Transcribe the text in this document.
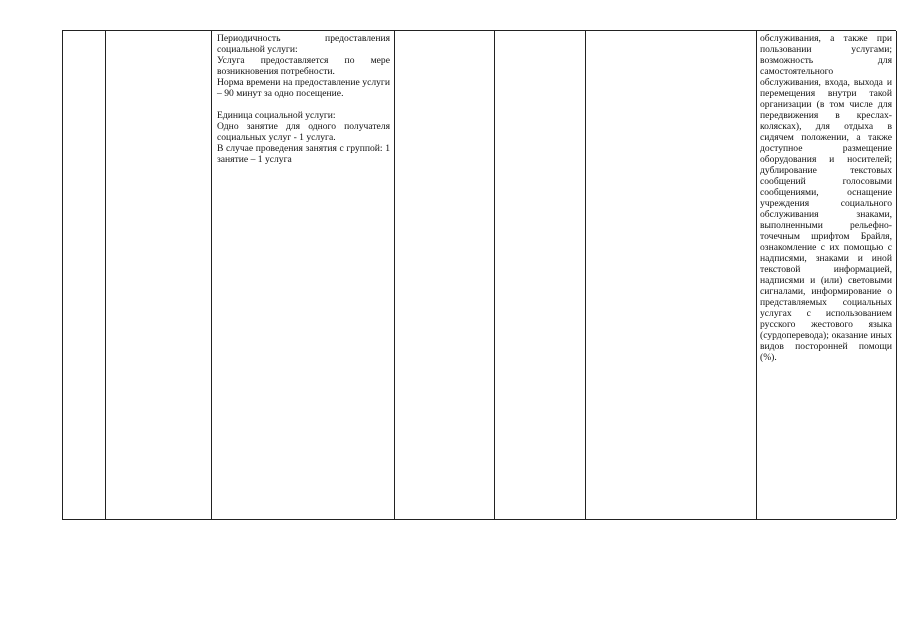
Периодичность предоставления социальной услуги:

Услуга предоставляется по мере возникновения потребности.

Норма времени на предоставление услуги – 90 минут за одно посещение.

Единица социальной услуги:

Одно занятие для одного получателя социальных услуг - 1 услуга.

В случае проведения занятия с группой: 1 занятие – 1 услуга

обслуживания, а также при пользовании услугами; возможность для самостоятельного обслуживания, входа, выхода и перемещения внутри такой организации (в том числе для передвижения в креслах-колясках), для отдыха в сидячем положении, а также доступное размещение оборудования и носителей; дублирование текстовых сообщений голосовыми сообщениями, оснащение учреждения социального обслуживания знаками, выполненными рельефно-точечным шрифтом Брайля, ознакомление с их помощью с надписями, знаками и иной текстовой информацией, надписями и (или) световыми сигналами, информирование о представляемых социальных услугах с использованием русского жестового языка (сурдоперевода); оказание иных видов посторонней помощи (%).
